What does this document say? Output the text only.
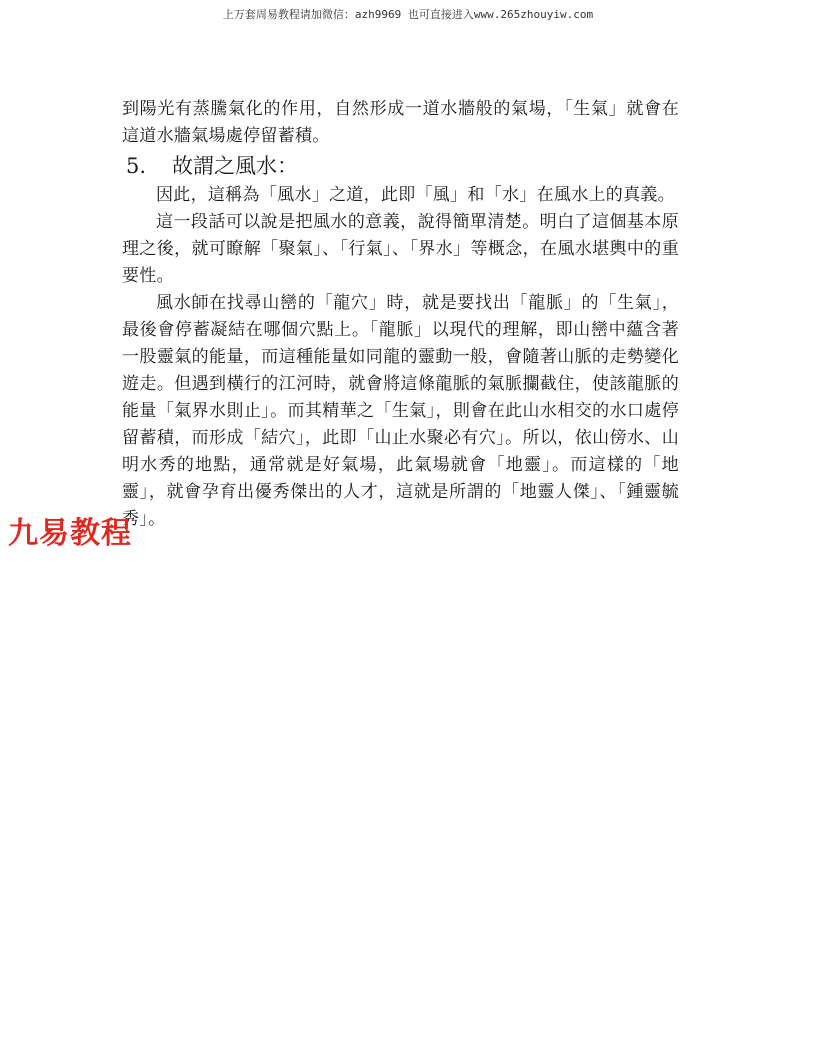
上万套周易教程请加微信：azh9969 也可直接进入www.265zhouyiw.com

到陽光有蒸騰氣化的作用，自然形成一道水牆般的氣場，「生氣」就會在這道水牆氣場處停留蓄積。

5. 故謂之風水：

因此，這稱為「風水」之道，此即「風」和「水」在風水上的真義。

這一段話可以說是把風水的意義，說得簡單清楚。明白了這個基本原理之後，就可瞭解「聚氣」、「行氣」、「界水」等概念，在風水堪輿中的重要性。

風水師在找尋山巒的「龍穴」時，就是要找出「龍脈」的「生氣」，最後會停蓄凝結在哪個穴點上。「龍脈」以現代的理解，即山巒中蘊含著一股靈氣的能量，而這種能量如同龍的靈動一般，會隨著山脈的走勢變化遊走。但遇到橫行的江河時，就會將這條龍脈的氣脈攔截住，使該龍脈的能量「氣界水則止」。而其精華之「生氣」，則會在此山水相交的水口處停留蓄積，而形成「結穴」，此即「山止水聚必有穴」。所以，依山傍水、山明水秀的地點，通常就是好氣場，此氣場就會「地靈」。而這樣的「地靈」，就會孕育出優秀傑出的人才，這就是所謂的「地靈人傑」、「鍾靈毓秀」。

九易教程
